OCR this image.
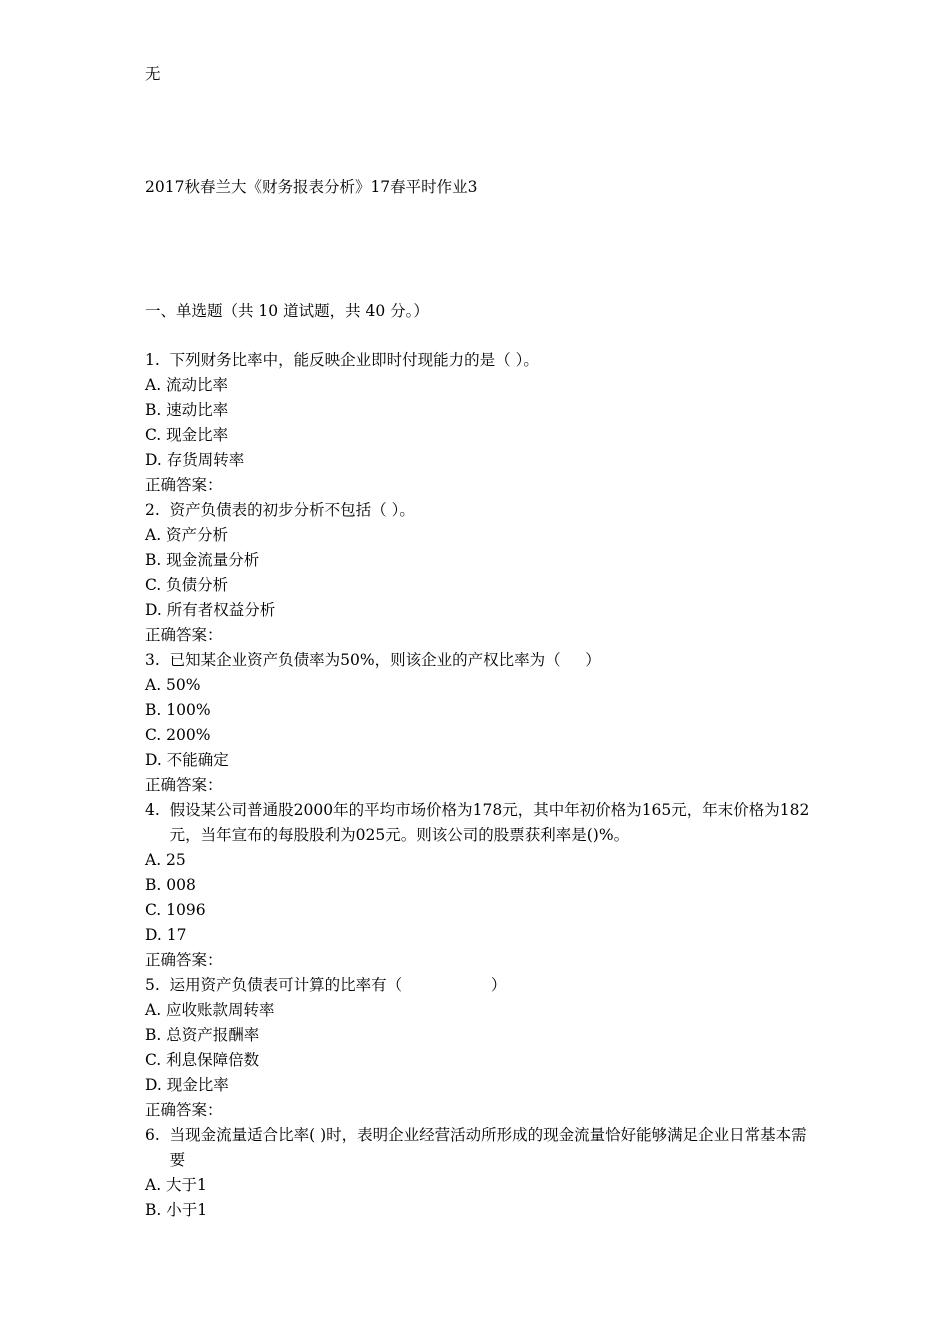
无

2017秋春兰大《财务报表分析》17春平时作业3

一、单选题（共 10 道试题，共 40 分。）

1.
下列财务比率中，能反映企业即时付现能力的是（ ）。

A. 流动比率

B. 速动比率

C. 现金比率

D. 存货周转率

正确答案：

2.
资产负债表的初步分析不包括（ ）。

A. 资产分析

B. 现金流量分析

C. 负债分析

D. 所有者权益分析

正确答案：

3.
已知某企业资产负债率为50%，则该企业的产权比率为（     ）

A. 50%

B. 100%

C. 200%

D. 不能确定

正确答案：

4.
假设某公司普通股2000年的平均市场价格为178元，其中年初价格为165元，年末价格为182元，当年宣布的每股股利为025元。则该公司的股票获利率是()%。

A. 25

B. 008

C. 1096

D. 17

正确答案：

5.
运用资产负债表可计算的比率有（                  ）

A. 应收账款周转率

B. 总资产报酬率

C. 利息保障倍数

D. 现金比率

正确答案：

6.
当现金流量适合比率( )时，表明企业经营活动所形成的现金流量恰好能够满足企业日常基本需要

A. 大于1

B. 小于1
